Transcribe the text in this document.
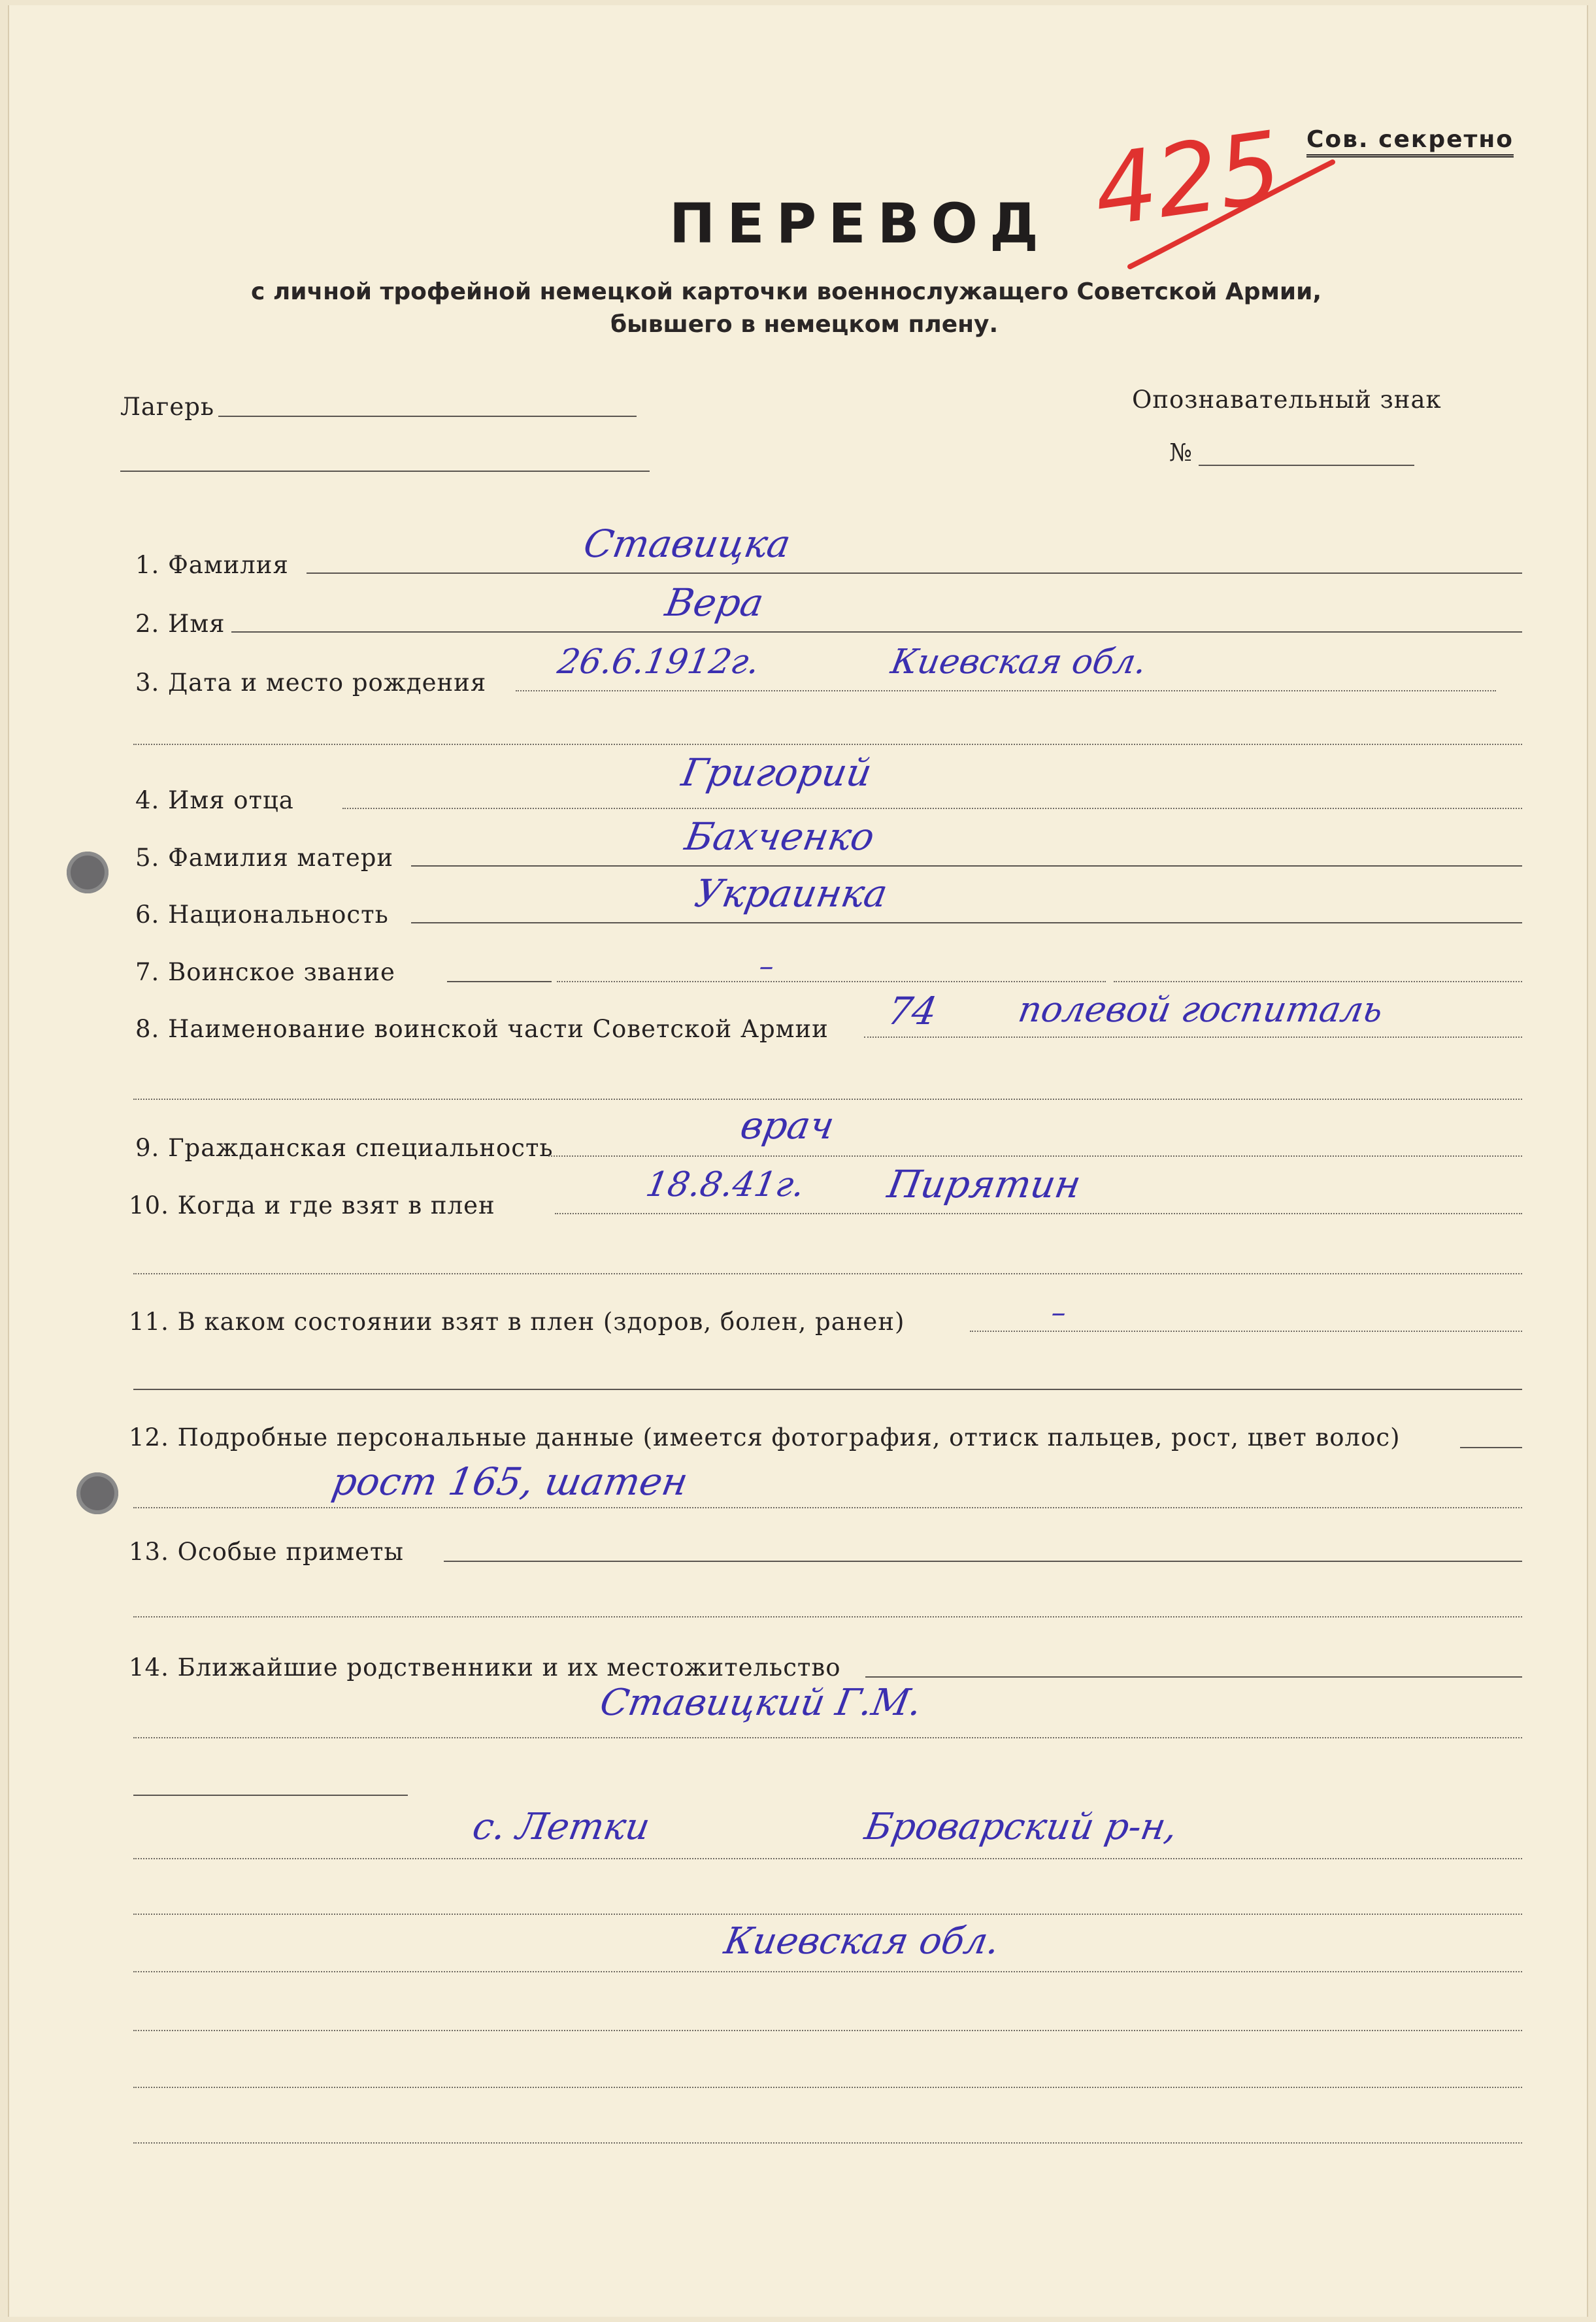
Сов. секретно
425
ПЕРЕВОД
с личной трофейной немецкой карточки военнослужащего Советской Армии,
бывшего в немецком плену.
Лагерь	Опознавательный знак
№
1. Фамилия	Ставицка
2. Имя	Вера
3. Дата и место рождения
26.6.1912г.	Киевская обл.
4. Имя отца
Григорий
5. Фамилия матери	Бахченко
6. Национальность	Украинка
7. Воинское звание	–
8. Наименование воинской части Советской Армии 74 полевой госпиталь
9. Гражданская специальность
врач
10. Когда и где взят в плен
18.8.41г. Пирятин
11. В каком состоянии взят в плен (здоров, болен, ранен)	–
12. Подробные персональные данные (имеется фотография, оттиск пальцев, рост, цвет волос)
рост 165, шатен
13. Особые приметы
14. Ближайшие родственники и их местожительство
Ставицкий Г.М.
с. Летки	Броварский р-н,
Киевская обл.
